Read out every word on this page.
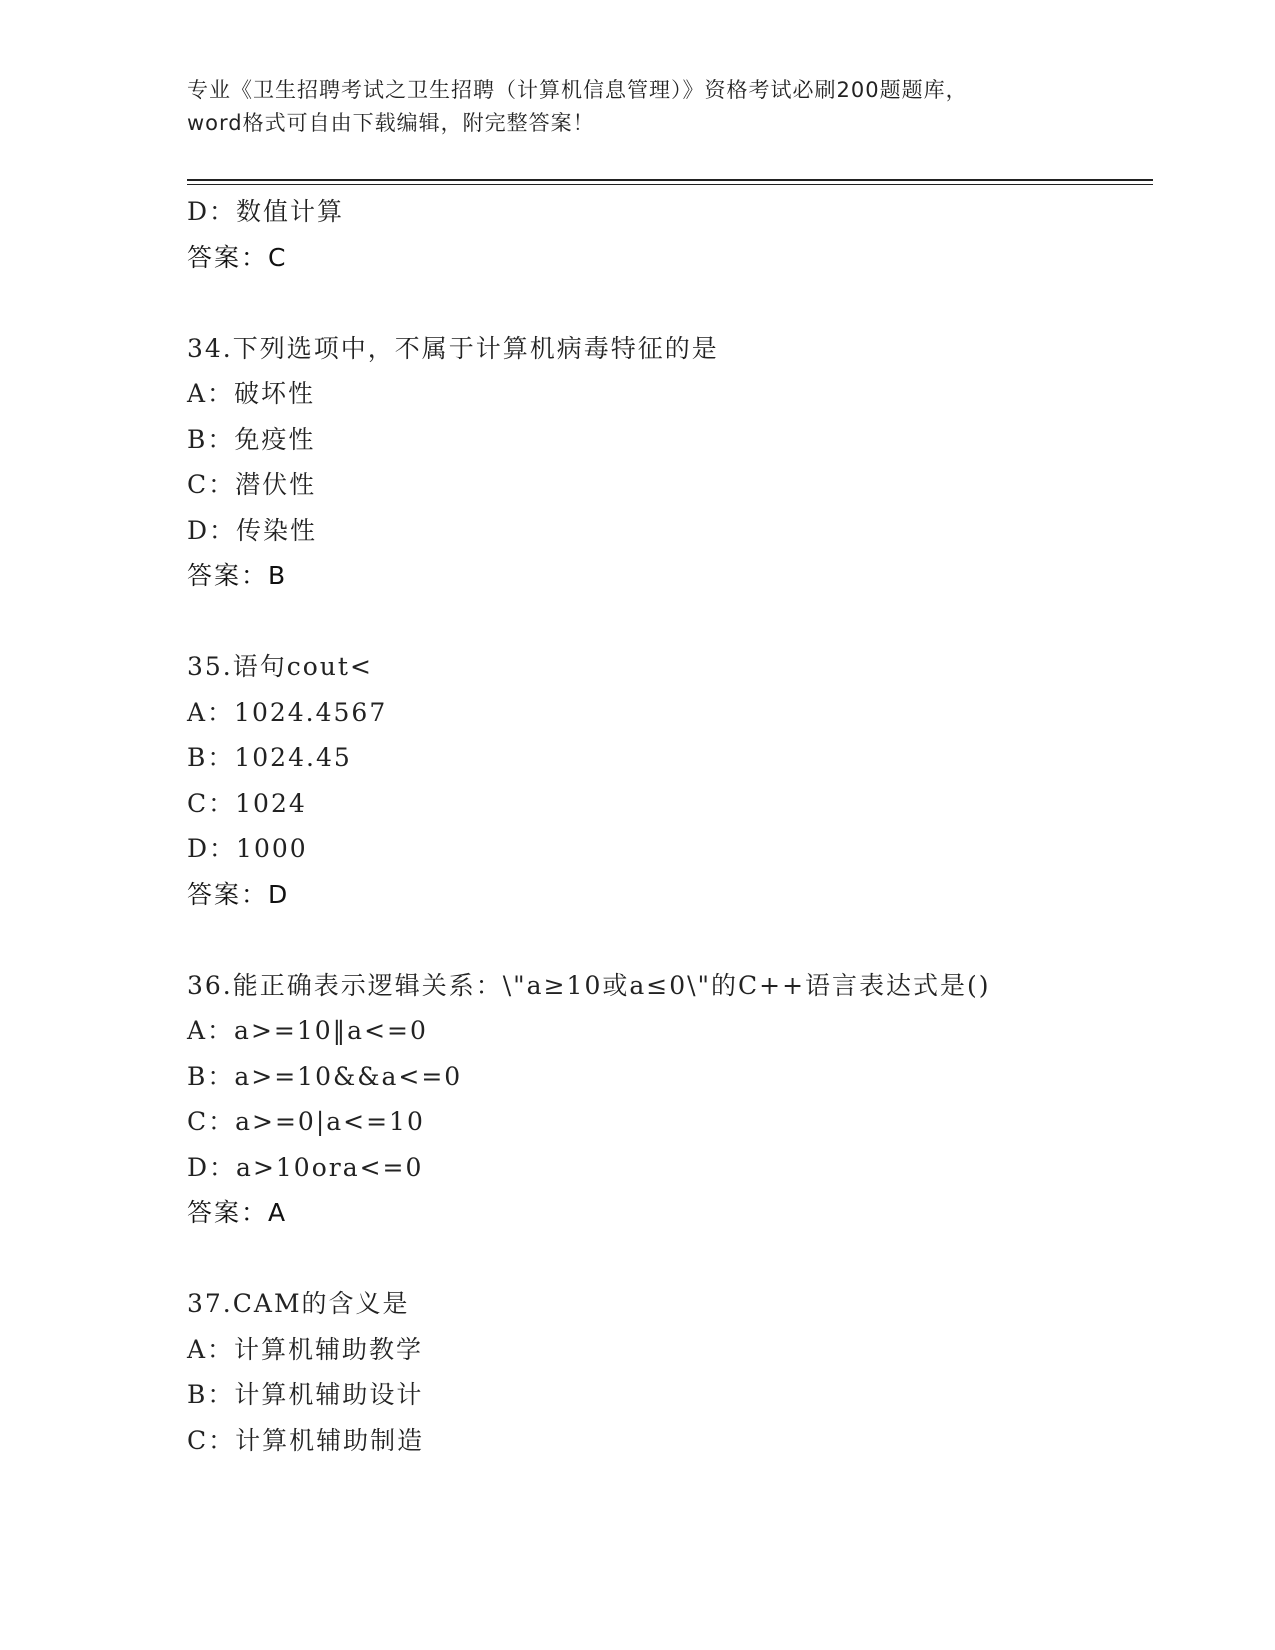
专业《卫生招聘考试之卫生招聘（计算机信息管理）》资格考试必刷200题题库，
word格式可自由下载编辑，附完整答案！
D：数值计算
答案：C
34.下列选项中，不属于计算机病毒特征的是
A：破坏性
B：免疫性
C：潜伏性
D：传染性
答案：B
35.语句cout<
A：1024.4567
B：1024.45
C：1024
D：1000
答案：D
36.能正确表示逻辑关系：\"a≥10或a≤0\"的C++语言表达式是()
A：a>=10‖a<=0
B：a>=10&&a<=0
C：a>=0|a<=10
D：a>10ora<=0
答案：A
37.CAM的含义是
A：计算机辅助教学
B：计算机辅助设计
C：计算机辅助制造
